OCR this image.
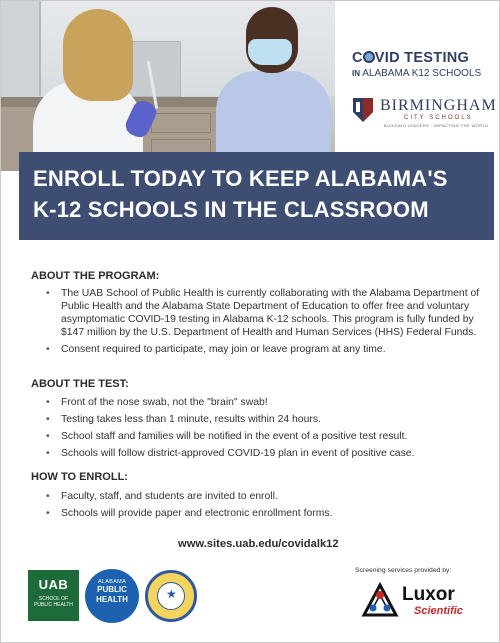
C VID TESTING
IN ALABAMA K12 SCHOOLS
BIRMINGHAM
CITY SCHOOLS
BUILDING LEADERS · IMPACTING THE WORLD
ENROLL TODAY TO KEEP ALABAMA'S
K-12 SCHOOLS IN THE CLASSROOM
ABOUT THE PROGRAM:
• The UAB School of Public Health is currently collaborating with the Alabama Department of Public Health and the Alabama State Department of Education to offer free and voluntary asymptomatic COVID-19 testing in Alabama K-12 schools. This program is fully funded by $147 million by the U.S. Department of Health and Human Services (HHS) Federal Funds.
• Consent required to participate, may join or leave program at any time.
ABOUT THE TEST:
• Front of the nose swab, not the "brain" swab!
• Testing takes less than 1 minute, results within 24 hours.
• School staff and families will be notified in the event of a positive test result.
• Schools will follow district-approved COVID-19 plan in event of positive case.
HOW TO ENROLL:
• Faculty, staff, and students are invited to enroll.
• Schools will provide paper and electronic enrollment forms.
www.sites.uab.edu/covidalk12
UAB
SCHOOL OF
PUBLIC HEALTH
ALABAMA
PUBLIC
HEALTH	★
Screening services provided by:
Luxor
Scientific
